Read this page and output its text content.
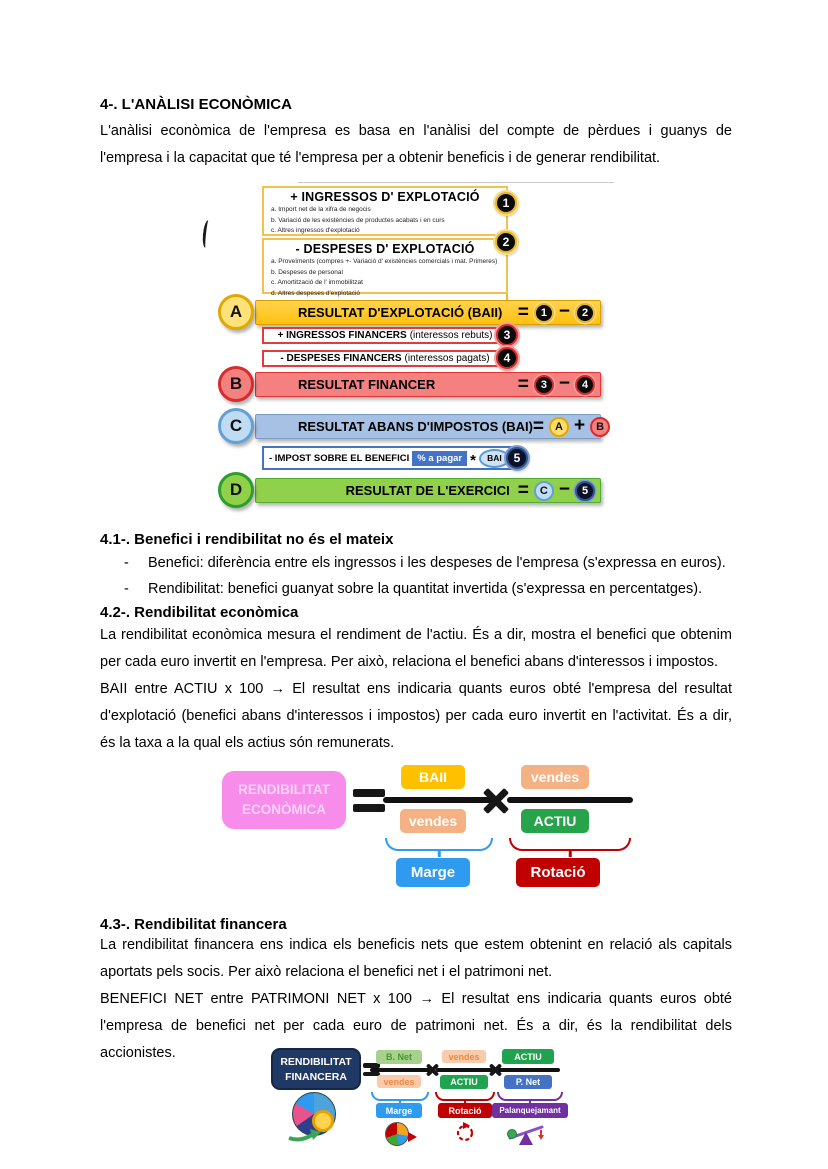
4-. L'ANÀLISI ECONÒMICA

L'anàlisi econòmica de l'empresa es basa en l'anàlisi del compte de pèrdues i guanys de l'empresa i la capacitat que té l'empresa per a obtenir beneficis i de generar rendibilitat.

+ INGRESSOS D' EXPLOTACIÓ
a. Import net de la xifra de negocis
b. Variació de les existències de productes acabats i en curs
c. Altres ingressos d'explotació
1
- DESPESES D' EXPLOTACIÓ
a. Proveïments (compres +- Variació d' existències comercials i mat. Primeres)
b. Despeses de personal
c. Amortització de l' immobilitzat
d. Altres despeses d'explotació
2
A	RESULTAT D'EXPLOTACIÓ (BAII) =	1 −	2
+ INGRESSOS FINANCERS (interessos rebuts) 3
- DESPESES FINANCERS (interessos pagats)	4
B	RESULTAT FINANCER	=	3 −	4
C	RESULTAT ABANS D'IMPOSTOS (BAI) =	A +	B
- IMPOST SOBRE EL BENEFICI % a pagar *	BAI 5
D	RESULTAT DE L'EXERCICI =	C −	5
4.1-. Benefici i rendibilitat no és el mateix
-	Benefici: diferència entre els ingressos i les despeses de l'empresa (s'expressa en euros).
-	Rendibilitat: benefici guanyat sobre la quantitat invertida (s'expressa en percentatges).
4.2-. Rendibilitat econòmica

La rendibilitat econòmica mesura el rendiment de l'actiu. És a dir, mostra el benefici que obtenim per cada euro invertit en l'empresa. Per això, relaciona el benefici abans d'interessos i impostos.

BAII entre ACTIU x 100 → El resultat ens indicaria quants euros obté l'empresa del resultat d'explotació (benefici abans d'interessos i impostos) per cada euro invertit en l'activitat. És a dir, és la taxa a la qual els actius són remunerats.

RENDIBILITAT
ECONÒMICA
BAII
vendes
Marge
vendes
ACTIU
Rotació
4.3-. Rendibilitat financera

La rendibilitat financera ens indica els beneficis nets que estem obtenint en relació als capitals aportats pels socis. Per això relaciona el benefici net i el patrimoni net.

BENEFICI NET entre PATRIMONI NET x 100 → El resultat ens indicaria quants euros obté l'empresa de benefici net per cada euro de patrimoni net. És a dir, és la rendibilitat dels accionistes.

RENDIBILITAT
FINANCERA
B. Net
vendes
Marge
vendes
ACTIU
Rotació
ACTIU
P. Net
Palanquejamant
